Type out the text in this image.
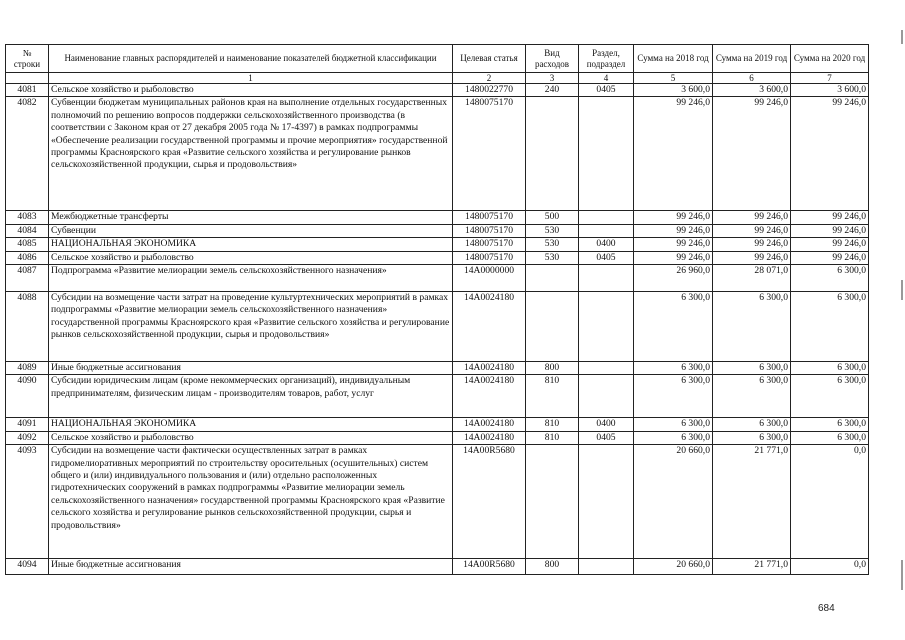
№
строки	Наименование главных распорядителей и наименование показателей бюджетной классификации	Целевая статья	Вид расходов	Раздел, подраздел	Сумма на 2018 год	Сумма на 2019 год	Сумма на 2020 год
	1	2	3	4	5	6	7
4081	Сельское хозяйство и рыболовство	1480022770	240	0405	3 600,0	3 600,0	3 600,0
4082	Субвенции бюджетам муниципальных районов края на выполнение отдельных государственных полномочий по решению вопросов поддержки сельскохозяйственного производства (в соответствии с Законом края от 27 декабря 2005 года № 17-4397) в рамках подпрограммы «Обеспечение реализации государственной программы и прочие мероприятия» государственной программы Красноярского края «Развитие сельского хозяйства и регулирование рынков сельскохозяйственной продукции, сырья и продовольствия»	1480075170			99 246,0	99 246,0	99 246,0
4083	Межбюджетные трансферты	1480075170	500		99 246,0	99 246,0	99 246,0
4084	Субвенции	1480075170	530		99 246,0	99 246,0	99 246,0
4085	НАЦИОНАЛЬНАЯ ЭКОНОМИКА	1480075170	530	0400	99 246,0	99 246,0	99 246,0
4086	Сельское хозяйство и рыболовство	1480075170	530	0405	99 246,0	99 246,0	99 246,0
4087	Подпрограмма «Развитие мелиорации земель сельскохозяйственного назначения»	14А0000000			26 960,0	28 071,0	6 300,0
4088	Субсидии на возмещение части затрат на проведение культуртехнических мероприятий в рамках подпрограммы «Развитие мелиорации земель сельскохозяйственного назначения» государственной программы Красноярского края «Развитие сельского хозяйства и регулирование рынков сельскохозяйственной продукции, сырья и продовольствия»	14А0024180			6 300,0	6 300,0	6 300,0
4089	Иные бюджетные ассигнования	14А0024180	800		6 300,0	6 300,0	6 300,0
4090	Субсидии юридическим лицам (кроме некоммерческих организаций), индивидуальным предпринимателям, физическим лицам - производителям товаров, работ, услуг	14А0024180	810		6 300,0	6 300,0	6 300,0
4091	НАЦИОНАЛЬНАЯ ЭКОНОМИКА	14А0024180	810	0400	6 300,0	6 300,0	6 300,0
4092	Сельское хозяйство и рыболовство	14А0024180	810	0405	6 300,0	6 300,0	6 300,0
4093	Субсидии на возмещение части фактически осуществленных затрат в рамках гидромелиоративных мероприятий по строительству оросительных (осушительных) систем общего и (или) индивидуального пользования и (или) отдельно расположенных гидротехнических сооружений в рамках подпрограммы «Развитие мелиорации земель сельскохозяйственного назначения» государственной программы Красноярского края «Развитие сельского хозяйства и регулирование рынков сельскохозяйственной продукции, сырья и продовольствия»	14А00R5680			20 660,0	21 771,0	0,0
4094	Иные бюджетные ассигнования	14А00R5680	800		20 660,0	21 771,0	0,0
684
